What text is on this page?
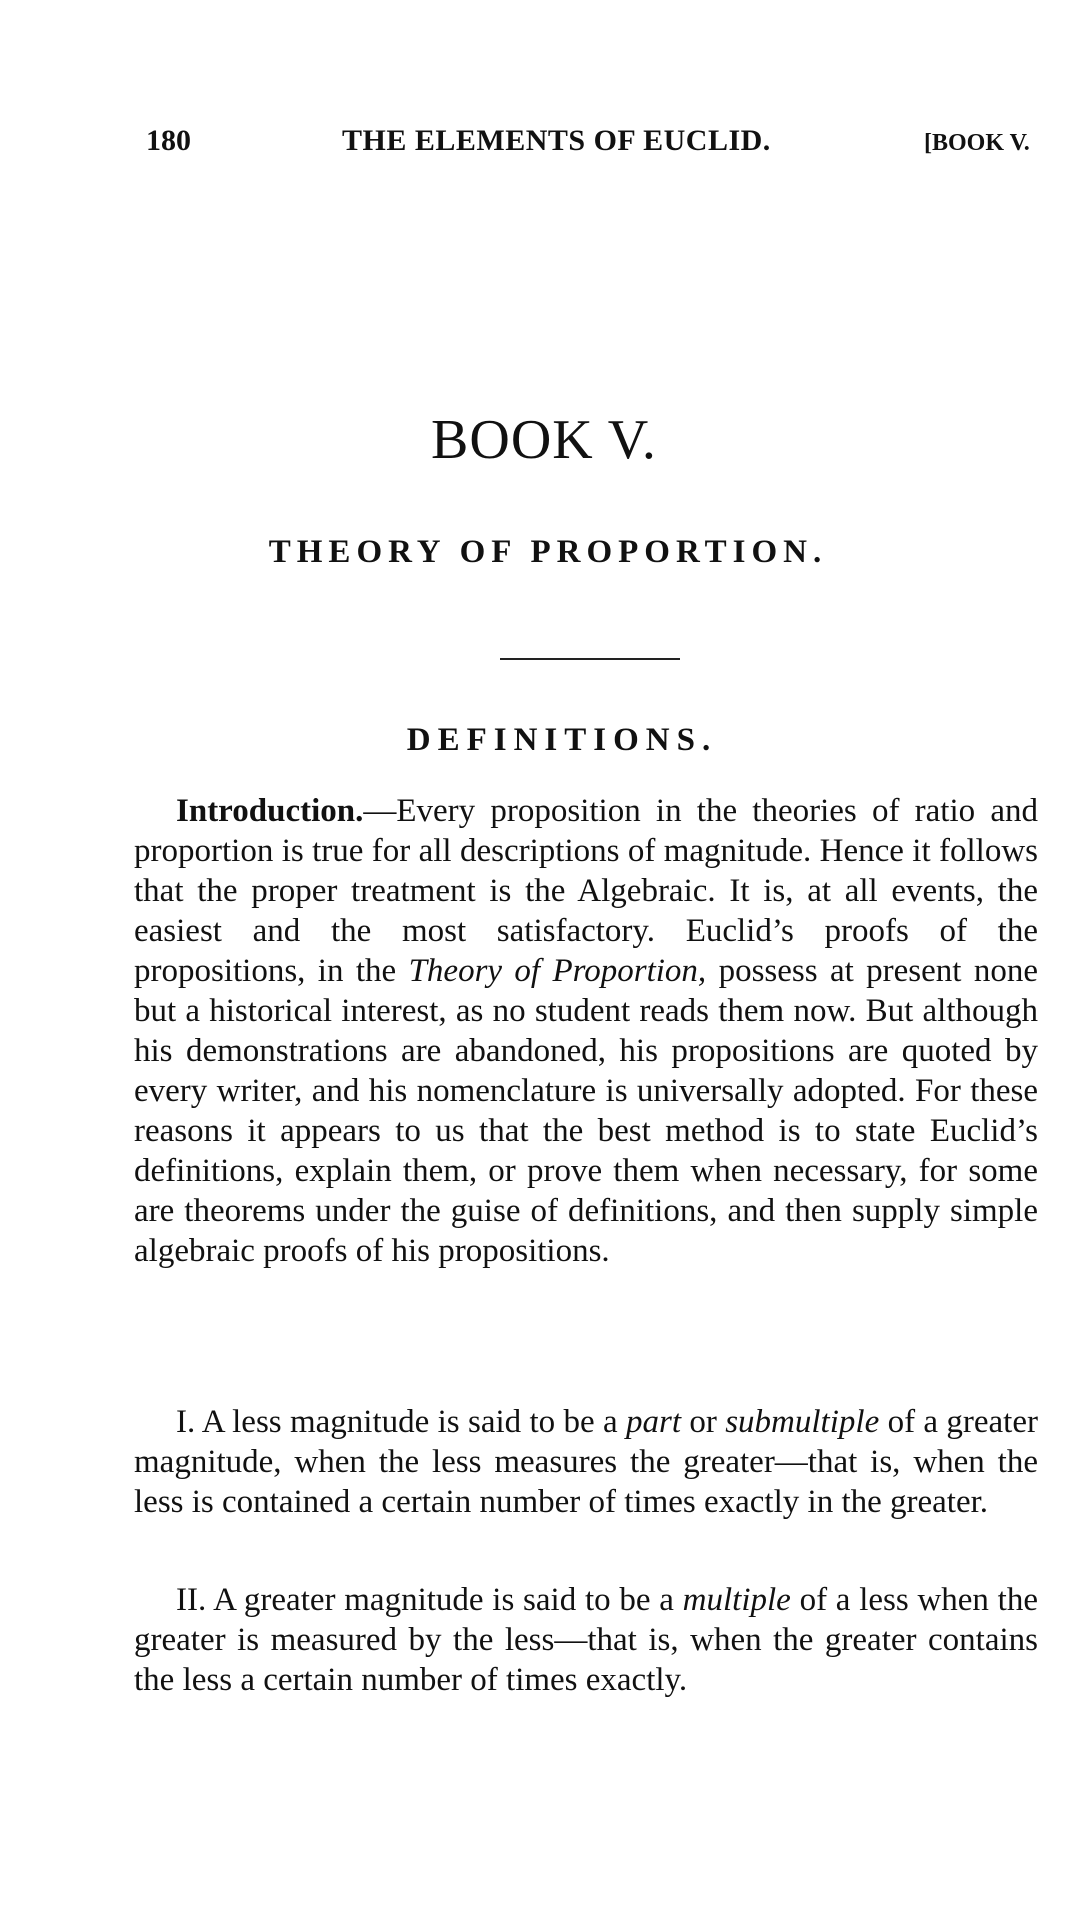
180	THE ELEMENTS OF EUCLID.	[BOOK V.
BOOK V.
THEORY OF PROPORTION.
DEFINITIONS.

Introduction.—Every proposition in the theories of ratio and proportion is true for all descriptions of magnitude. Hence it follows that the proper treatment is the Algebraic. It is, at all events, the easiest and the most satisfactory. Euclid’s proofs of the propositions, in the Theory of Proportion, possess at present none but a historical interest, as no student reads them now. But although his demonstrations are abandoned, his propositions are quoted by every writer, and his nomenclature is universally adopted. For these reasons it appears to us that the best method is to state Euclid’s definitions, explain them, or prove them when necessary, for some are theorems under the guise of definitions, and then supply simple algebraic proofs of his propositions.

I. A less magnitude is said to be a part or submultiple of a greater magnitude, when the less measures the greater—that is, when the less is contained a certain number of times exactly in the greater.

II. A greater magnitude is said to be a multiple of a less when the greater is measured by the less—that is, when the greater contains the less a certain number of times exactly.
